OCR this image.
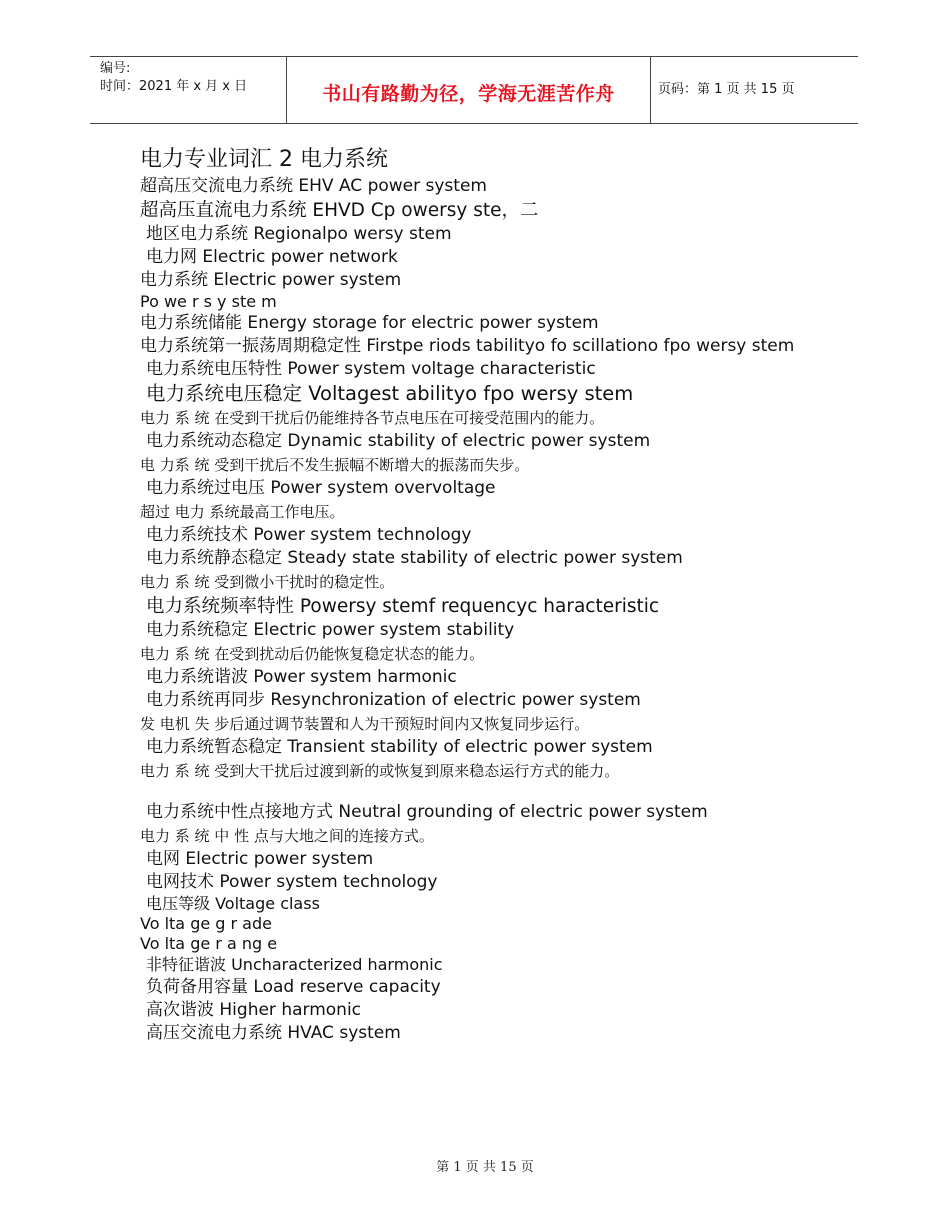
编号:
时间：2021 年 x 月 x 日	书山有路勤为径，学海无涯苦作舟	页码：第 1 页 共 15 页
电力专业词汇 2 电力系统
超高压交流电力系统 EHV AC power system
超高压直流电力系统 EHVD Cp owersy ste，二
地区电力系统 Regionalpo wersy stem
电力网 Electric power network
电力系统 Electric power system
Po we r s y ste m
电力系统储能 Energy storage for electric power system
电力系统第一振荡周期稳定性 Firstpe riods tabilityo fo scillationo fpo wersy stem
电力系统电压特性 Power system voltage characteristic
电力系统电压稳定 Voltagest abilityo fpo wersy stem
电力 系 统 在受到干扰后仍能维持各节点电压在可接受范围内的能力。
电力系统动态稳定 Dynamic stability of electric power system
电 力系 统 受到干扰后不发生振幅不断增大的振荡而失步。
电力系统过电压 Power system overvoltage
超过 电力 系统最高工作电压。
电力系统技术 Power system technology
电力系统静态稳定 Steady state stability of electric power system
电力 系 统 受到微小干扰时的稳定性。
电力系统频率特性 Powersy stemf requencyc haracteristic
电力系统稳定 Electric power system stability
电力 系 统 在受到扰动后仍能恢复稳定状态的能力。
电力系统谐波 Power system harmonic
电力系统再同步 Resynchronization of electric power system
发 电机 失 步后通过调节装置和人为干预短时间内又恢复同步运行。
电力系统暂态稳定 Transient stability of electric power system
电力 系 统 受到大干扰后过渡到新的或恢复到原来稳态运行方式的能力。
电力系统中性点接地方式 Neutral grounding of electric power system
电力 系 统 中 性 点与大地之间的连接方式。
电网 Electric power system
电网技术 Power system technology
电压等级 Voltage class
Vo lta ge g r ade
Vo lta ge r a ng e
非特征谐波 Uncharacterized harmonic
负荷备用容量 Load reserve capacity
高次谐波 Higher harmonic
高压交流电力系统 HVAC system
第 1 页 共 15 页
